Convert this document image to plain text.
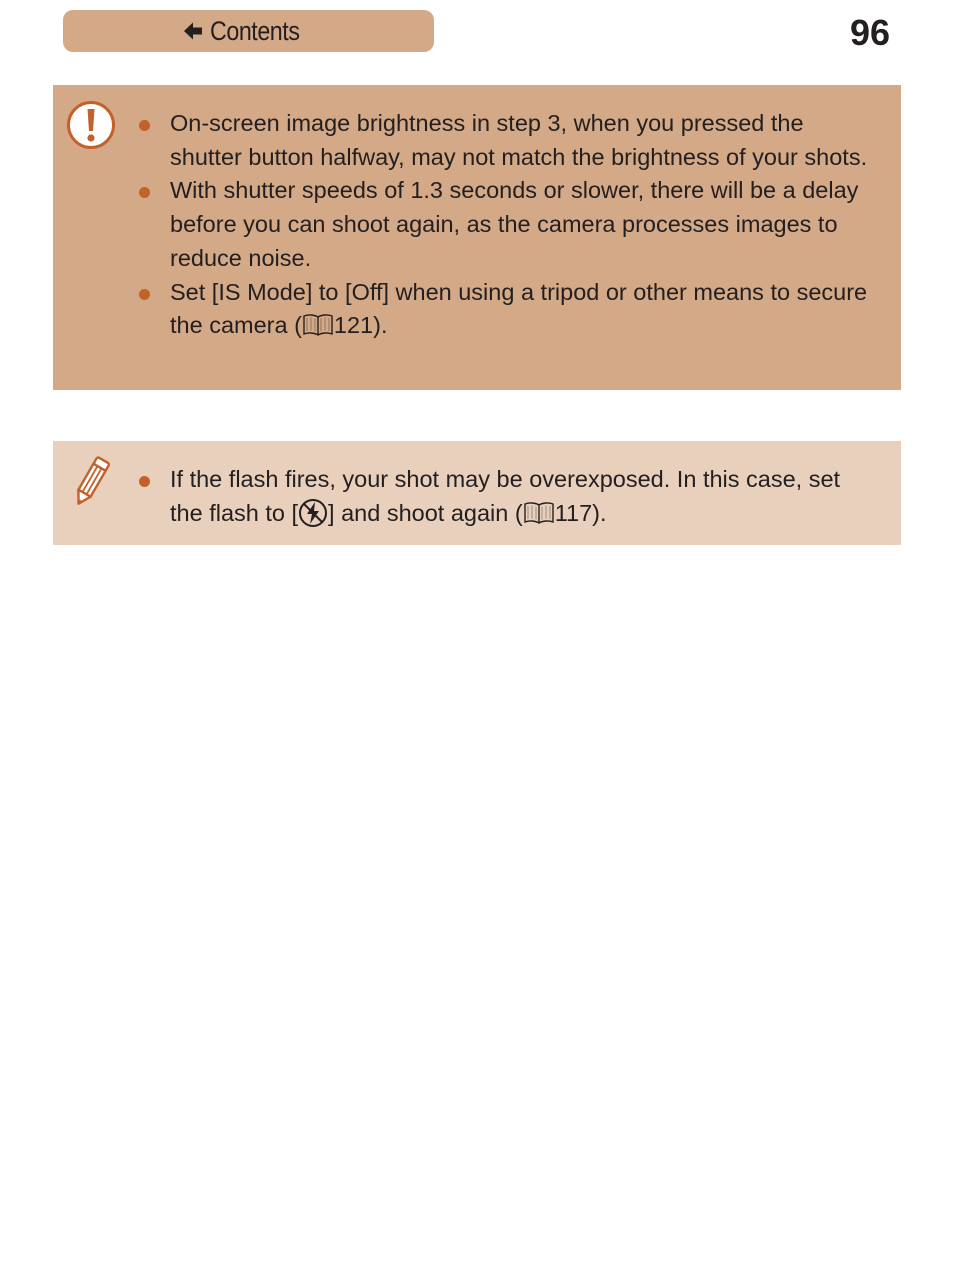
Contents	96
On-screen image brightness in step 3, when you pressed the shutter button halfway, may not match the brightness of your shots.
With shutter speeds of 1.3 seconds or slower, there will be a delay before you can shoot again, as the camera processes images to reduce noise.
Set [IS Mode] to [Off] when using a tripod or other means to secure the camera ( 121).
If the flash fires, your shot may be overexposed. In this case, set the flash to [ ] and shoot again ( 117).
